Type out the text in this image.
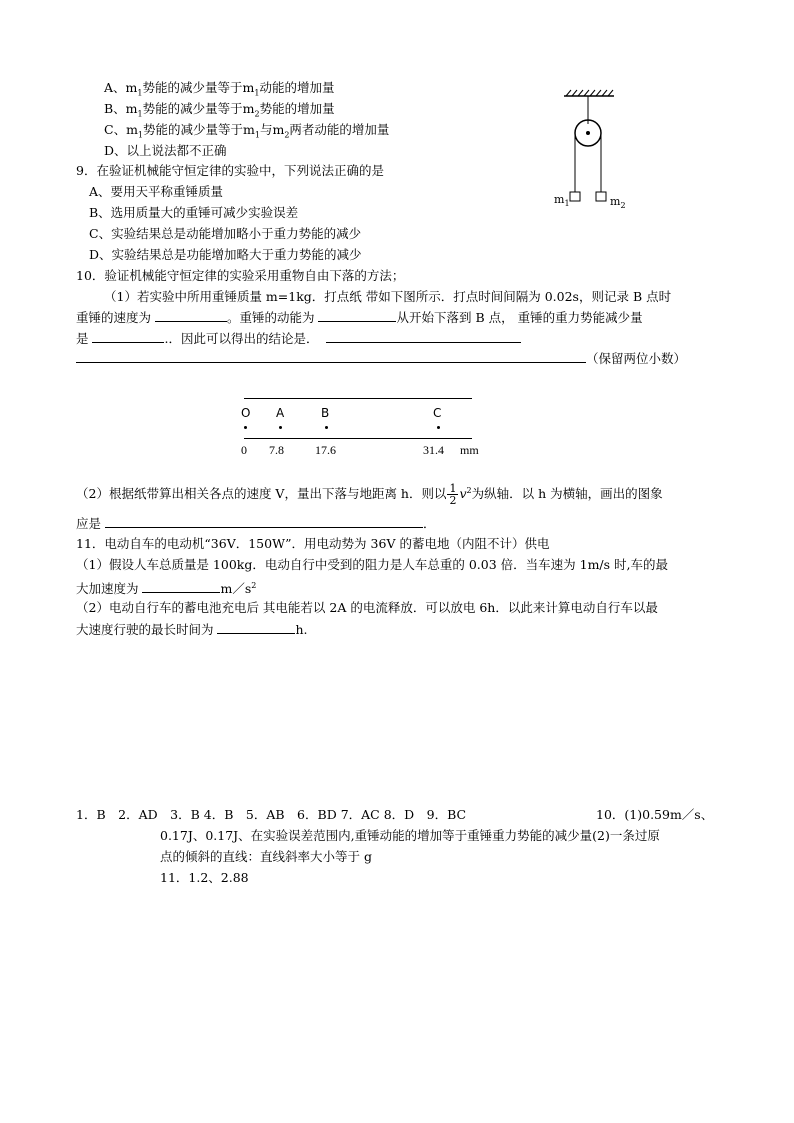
A、$m_1$势能的减少量等于$m_1$动能的增加量
B、$m_1$势能的减少量等于$m_2$势能的增加量
C、$m_1$势能的减少量等于$m_1$与$m_2$两者动能的增加量
D、以上说法都不正确
$m_1$	$m_2$
9．在验证机械能守恒定律的实验中，下列说法正确的是
A、要用天平称重锤质量
B、选用质量大的重锤可减少实验误差
C、实验结果总是动能增加略小于重力势能的减少
D、实验结果总是功能增加略大于重力势能的减少
10．验证机械能守恒定律的实验采用重物自由下落的方法；
（1）若实验中所用重锤质量 m=1kg．打点纸 带如下图所示．打点时间间隔为 0.02s，则记录 B 点时
重锤的速度为	。重锤的动能为	从开始下落到 B 点， 重锤的重力势能减少量
是	.．因此可以得出的结论是．
（保留两位小数）
O A	B	C
0 7.8	17.6	31.4 mm
（2）根据纸带算出相关各点的速度 V，量出下落与地距离 h．则以 $\frac{1}{2} v^2$为纵轴．以 h 为横轴，画出的图象
应是	．
11．电动自车的电动机“36V．150W”．用电动势为 36V 的蓄电地（内阻不计）供电
（1）假设人车总质量是 100kg．电动自行中受到的阻力是人车总重的 0.03 倍．当车速为 1m/s 时,车的最
大加速度为	$m/s^2$
（2）电动自行车的蓄电池充电后 其电能若以 2A 的电流释放．可以放电 6h．以此来计算电动自行车以最
大速度行驶的最长时间为	h.
1．B　2．AD　3．B 4．B　5．AB　6．BD 7．AC 8．D　9．BC	10．(1)0.59m／s、
0.17J、0.17J、在实验误差范围内,重锤动能的增加等于重锤重力势能的减少量(2)一条过原
点的倾斜的直线：直线斜率大小等于 g
11．1.2、2.88
